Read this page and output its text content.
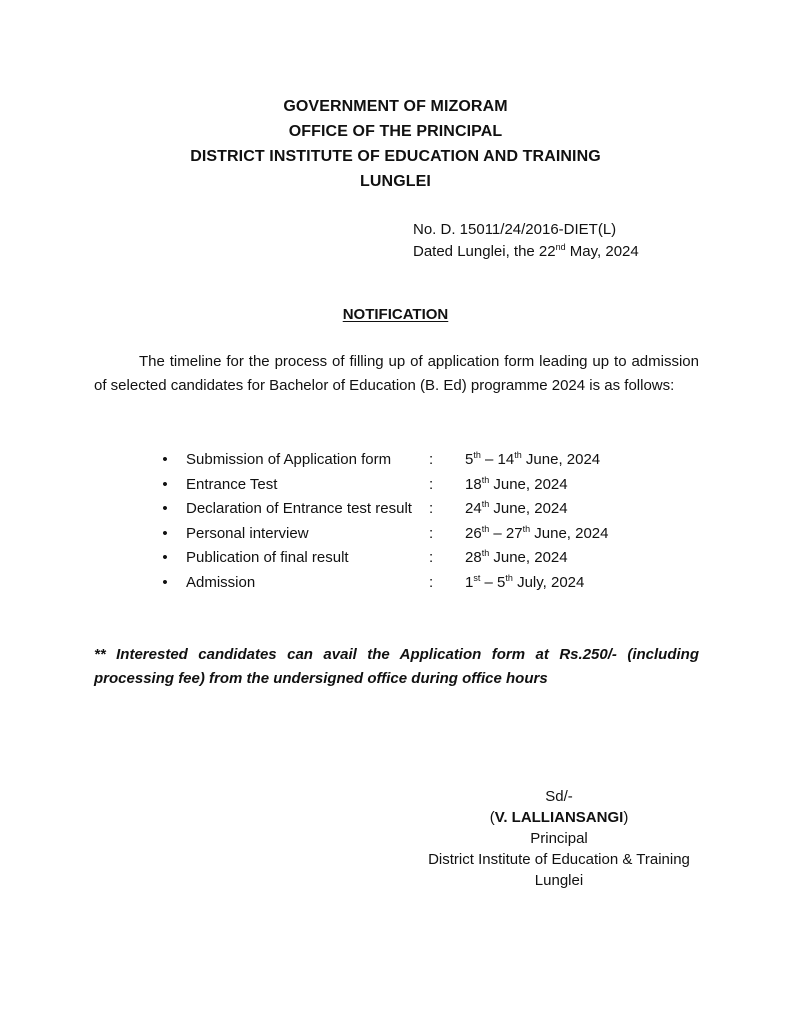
GOVERNMENT OF MIZORAM
OFFICE OF THE PRINCIPAL
DISTRICT INSTITUTE OF EDUCATION AND TRAINING
LUNGLEI
No. D. 15011/24/2016-DIET(L)
Dated Lunglei, the 22nd May, 2024
NOTIFICATION
The timeline for the process of filling up of application form leading up to admission of selected candidates for Bachelor of Education (B. Ed) programme 2024 is as follows:
• Submission of Application form	: 5th – 14th June, 2024
• Entrance Test	: 18th June, 2024
• Declaration of Entrance test result : 24th June, 2024
• Personal interview	: 26th – 27th June, 2024
• Publication of final result	: 28th June, 2024
• Admission	: 1st – 5th July, 2024
** Interested candidates can avail the Application form at Rs.250/- (including processing fee) from the undersigned office during office hours
Sd/-
(V. LALLIANSANGI)
Principal
District Institute of Education & Training
Lunglei
